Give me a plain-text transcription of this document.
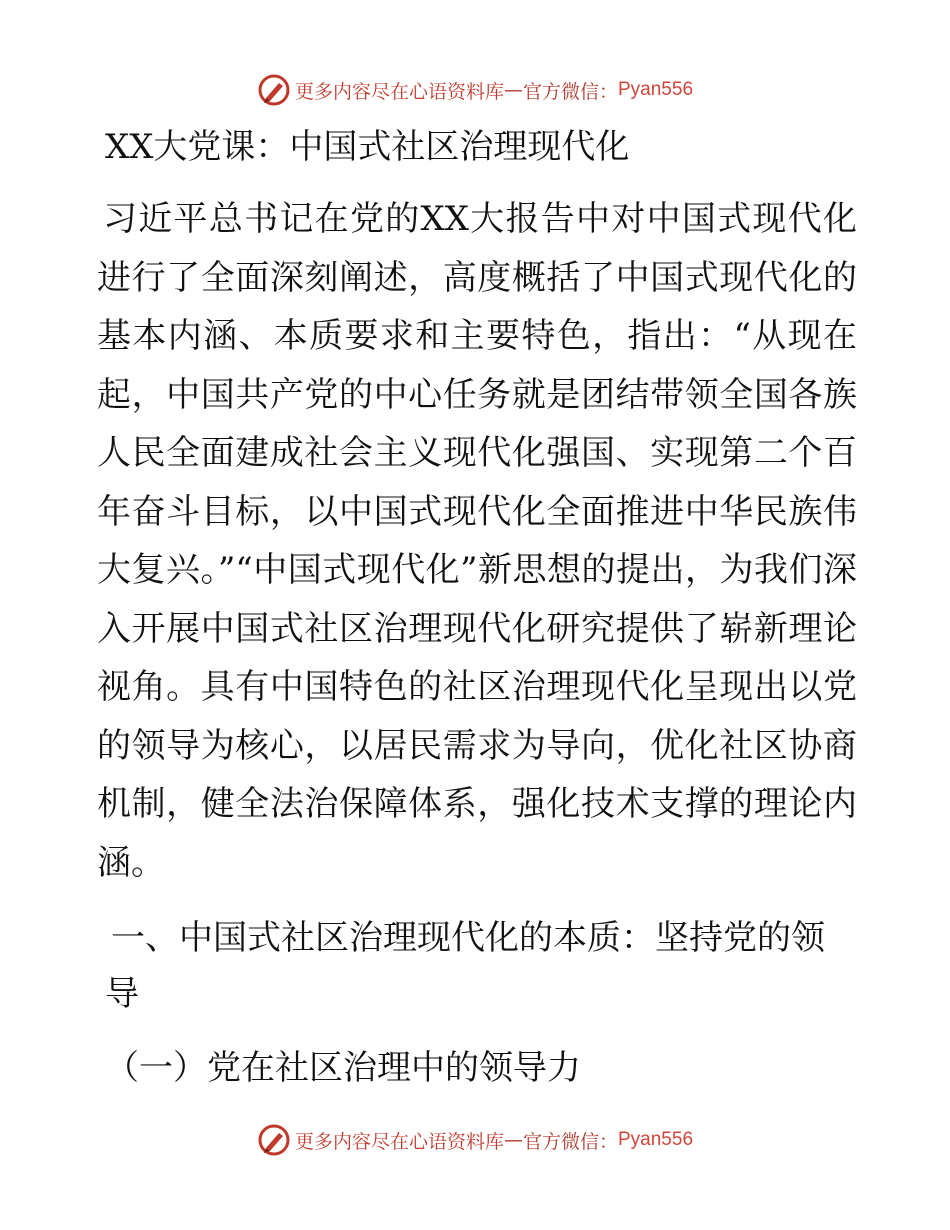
更多内容尽在心语资料库 — 官方微信： Pyan556
XX大党课：中国式社区治理现代化

习近平总书记在党的XX大报告中对中国式现代化进行了全面深刻阐述，高度概括了中国式现代化的基本内涵、本质要求和主要特色，指出：“从现在起，中国共产党的中心任务就是团结带领全国各族人民全面建成社会主义现代化强国、实现第二个百年奋斗目标，以中国式现代化全面推进中华民族伟大复兴。”“中国式现代化”新思想的提出，为我们深入开展中国式社区治理现代化研究提供了崭新理论视角。具有中国特色的社区治理现代化呈现出以党的领导为核心，以居民需求为导向，优化社区协商机制，健全法治保障体系，强化技术支撑的理论内涵。

一、中国式社区治理现代化的本质：坚持党的领导

（一）党在社区治理中的领导力

更多内容尽在心语资料库 — 官方微信： Pyan556
